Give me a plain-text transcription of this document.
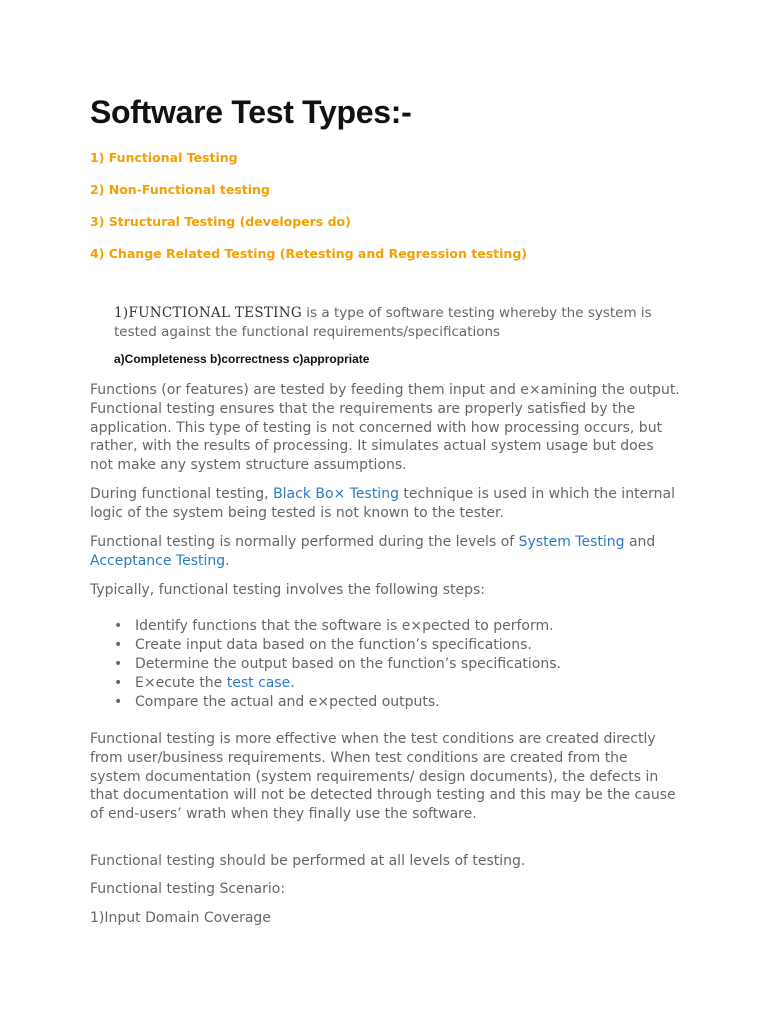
Software Test Types:-
1) Functional Testing
2) Non-Functional testing
3) Structural Testing (developers do)
4) Change Related Testing (Retesting and Regression testing)

1)FUNCTIONAL TESTING is a type of software testing whereby the system is tested against the functional requirements/specifications

a)Completeness b)correctness c)appropriate

Functions (or features) are tested by feeding them input and e×amining the output. Functional testing ensures that the requirements are properly satisfied by the application. This type of testing is not concerned with how processing occurs, but rather, with the results of processing. It simulates actual system usage but does not make any system structure assumptions.

During functional testing, Black Bo× Testing technique is used in which the internal logic of the system being tested is not known to the tester.

Functional testing is normally performed during the levels of System Testing and Acceptance Testing.

Typically, functional testing involves the following steps:

• Identify functions that the software is e×pected to perform.
• Create input data based on the function’s specifications.
• Determine the output based on the function’s specifications.
• E×ecute the test case.
• Compare the actual and e×pected outputs.

Functional testing is more effective when the test conditions are created directly from user/business requirements. When test conditions are created from the system documentation (system requirements/ design documents), the defects in that documentation will not be detected through testing and this may be the cause of end-users’ wrath when they finally use the software.

Functional testing should be performed at all levels of testing.

Functional testing Scenario:

1)Input Domain Coverage
